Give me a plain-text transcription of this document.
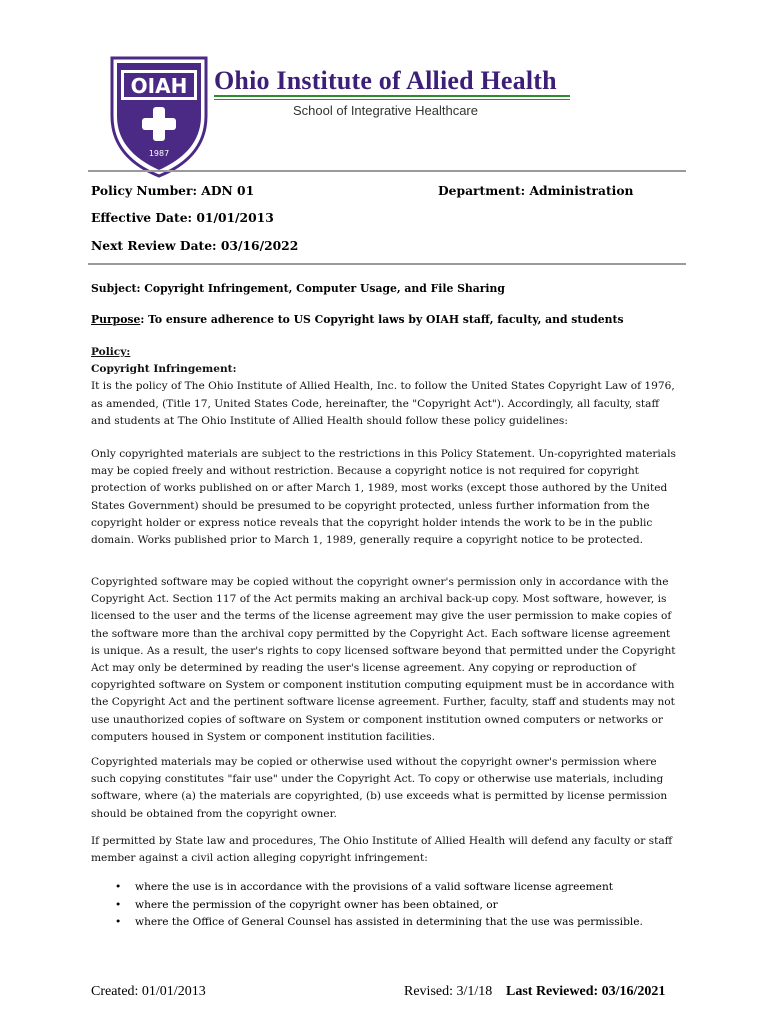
OIAH
1987
Ohio Institute of Allied Health
School of Integrative Healthcare
Policy Number: ADN 01	Department: Administration
Effective Date: 01/01/2013
Next Review Date: 03/16/2022
Subject: Copyright Infringement, Computer Usage, and File Sharing
Purpose: To ensure adherence to US Copyright laws by OIAH staff, faculty, and students
Policy:
Copyright Infringement:
It is the policy of The Ohio Institute of Allied Health, Inc. to follow the United States Copyright Law of 1976, as amended, (Title 17, United States Code, hereinafter, the "Copyright Act"). Accordingly, all faculty, staff and students at The Ohio Institute of Allied Health should follow these policy guidelines:
Only copyrighted materials are subject to the restrictions in this Policy Statement. Un-copyrighted materials may be copied freely and without restriction. Because a copyright notice is not required for copyright protection of works published on or after March 1, 1989, most works (except those authored by the United States Government) should be presumed to be copyright protected, unless further information from the copyright holder or express notice reveals that the copyright holder intends the work to be in the public domain. Works published prior to March 1, 1989, generally require a copyright notice to be protected.
Copyrighted software may be copied without the copyright owner's permission only in accordance with the Copyright Act. Section 117 of the Act permits making an archival back-up copy. Most software, however, is licensed to the user and the terms of the license agreement may give the user permission to make copies of the software more than the archival copy permitted by the Copyright Act. Each software license agreement is unique. As a result, the user's rights to copy licensed software beyond that permitted under the Copyright Act may only be determined by reading the user's license agreement. Any copying or reproduction of copyrighted software on System or component institution computing equipment must be in accordance with the Copyright Act and the pertinent software license agreement. Further, faculty, staff and students may not use unauthorized copies of software on System or component institution owned computers or networks or computers housed in System or component institution facilities.
Copyrighted materials may be copied or otherwise used without the copyright owner's permission where such copying constitutes "fair use" under the Copyright Act. To copy or otherwise use materials, including software, where (a) the materials are copyrighted, (b) use exceeds what is permitted by license permission should be obtained from the copyright owner.
If permitted by State law and procedures, The Ohio Institute of Allied Health will defend any faculty or staff member against a civil action alleging copyright infringement:
• where the use is in accordance with the provisions of a valid software license agreement
• where the permission of the copyright owner has been obtained, or
• where the Office of General Counsel has assisted in determining that the use was permissible.
Created: 01/01/2013	Revised: 3/1/18 Last Reviewed: 03/16/2021
